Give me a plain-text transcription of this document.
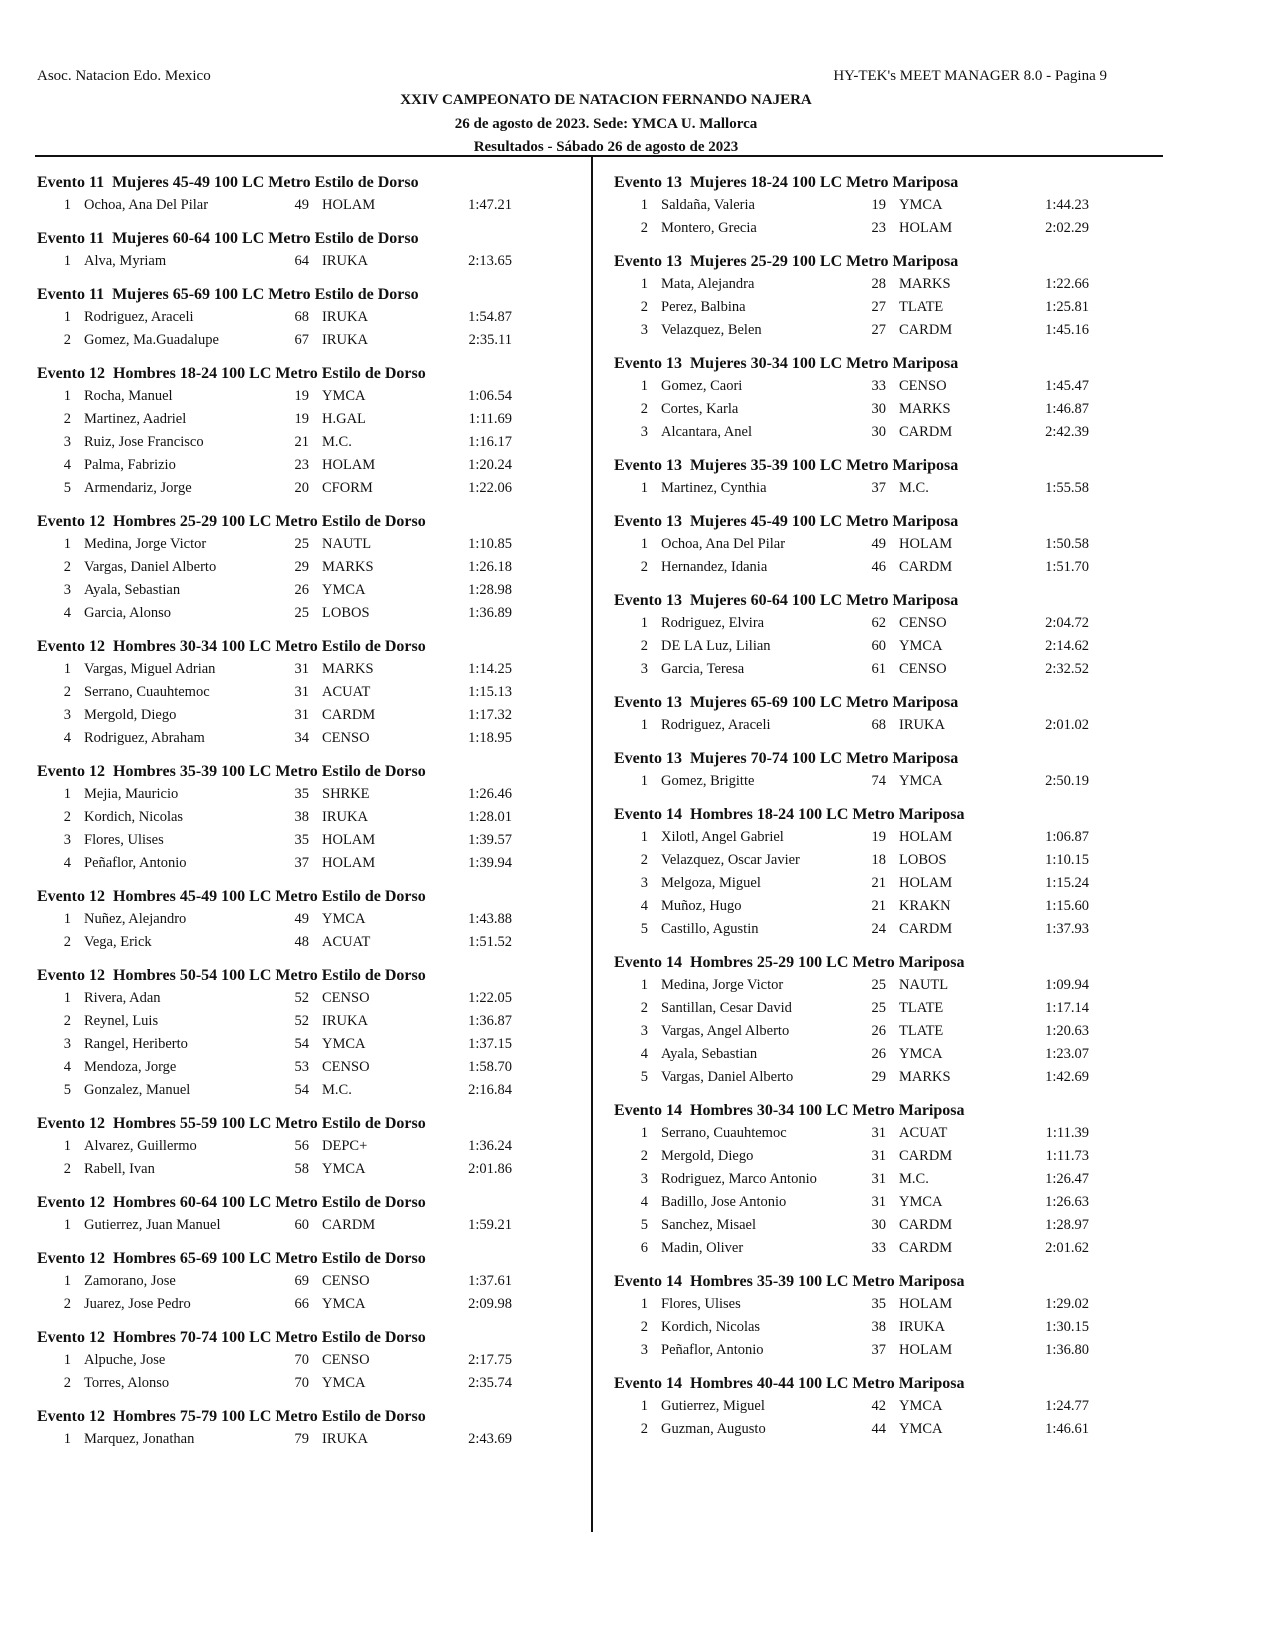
Asoc. Natacion Edo. Mexico	HY-TEK's MEET MANAGER 8.0 - Pagina 9
XXIV CAMPEONATO DE NATACION FERNANDO NAJERA
26 de agosto de 2023. Sede: YMCA U. Mallorca
Resultados - Sábado 26 de agosto de 2023
Evento 11  Mujeres 45-49 100 LC Metro Estilo de Dorso
1 Ochoa, Ana Del Pilar	49 HOLAM	1:47.21
Evento 11  Mujeres 60-64 100 LC Metro Estilo de Dorso
1 Alva, Myriam	64 IRUKA	2:13.65
Evento 11  Mujeres 65-69 100 LC Metro Estilo de Dorso
1 Rodriguez, Araceli	68 IRUKA	1:54.87
2 Gomez, Ma.Guadalupe	67 IRUKA	2:35.11
Evento 12  Hombres 18-24 100 LC Metro Estilo de Dorso
1 Rocha, Manuel	19 YMCA	1:06.54
2 Martinez, Aadriel	19 H.GAL	1:11.69
3 Ruiz, Jose Francisco	21 M.C.	1:16.17
4 Palma, Fabrizio	23 HOLAM	1:20.24
5 Armendariz, Jorge	20 CFORM	1:22.06
Evento 12  Hombres 25-29 100 LC Metro Estilo de Dorso
1 Medina, Jorge Victor	25 NAUTL	1:10.85
2 Vargas, Daniel Alberto	29 MARKS	1:26.18
3 Ayala, Sebastian	26 YMCA	1:28.98
4 Garcia, Alonso	25 LOBOS	1:36.89
Evento 12  Hombres 30-34 100 LC Metro Estilo de Dorso
1 Vargas, Miguel Adrian	31 MARKS	1:14.25
2 Serrano, Cuauhtemoc	31 ACUAT	1:15.13
3 Mergold, Diego	31 CARDM	1:17.32
4 Rodriguez, Abraham	34 CENSO	1:18.95
Evento 12  Hombres 35-39 100 LC Metro Estilo de Dorso
1 Mejia, Mauricio	35 SHRKE	1:26.46
2 Kordich, Nicolas	38 IRUKA	1:28.01
3 Flores, Ulises	35 HOLAM	1:39.57
4 Peñaflor, Antonio	37 HOLAM	1:39.94
Evento 12  Hombres 45-49 100 LC Metro Estilo de Dorso
1 Nuñez, Alejandro	49 YMCA	1:43.88
2 Vega, Erick	48 ACUAT	1:51.52
Evento 12  Hombres 50-54 100 LC Metro Estilo de Dorso
1 Rivera, Adan	52 CENSO	1:22.05
2 Reynel, Luis	52 IRUKA	1:36.87
3 Rangel, Heriberto	54 YMCA	1:37.15
4 Mendoza, Jorge	53 CENSO	1:58.70
5 Gonzalez, Manuel	54 M.C.	2:16.84
Evento 12  Hombres 55-59 100 LC Metro Estilo de Dorso
1 Alvarez, Guillermo	56 DEPC+	1:36.24
2 Rabell, Ivan	58 YMCA	2:01.86
Evento 12  Hombres 60-64 100 LC Metro Estilo de Dorso
1 Gutierrez, Juan Manuel	60 CARDM	1:59.21
Evento 12  Hombres 65-69 100 LC Metro Estilo de Dorso
1 Zamorano, Jose	69 CENSO	1:37.61
2 Juarez, Jose Pedro	66 YMCA	2:09.98
Evento 12  Hombres 70-74 100 LC Metro Estilo de Dorso
1 Alpuche, Jose	70 CENSO	2:17.75
2 Torres, Alonso	70 YMCA	2:35.74
Evento 12  Hombres 75-79 100 LC Metro Estilo de Dorso
1 Marquez, Jonathan	79 IRUKA	2:43.69
Evento 13  Mujeres 18-24 100 LC Metro Mariposa
1 Saldaña, Valeria	19 YMCA	1:44.23
2 Montero, Grecia	23 HOLAM	2:02.29
Evento 13  Mujeres 25-29 100 LC Metro Mariposa
1 Mata, Alejandra	28 MARKS	1:22.66
2 Perez, Balbina	27 TLATE	1:25.81
3 Velazquez, Belen	27 CARDM	1:45.16
Evento 13  Mujeres 30-34 100 LC Metro Mariposa
1 Gomez, Caori	33 CENSO	1:45.47
2 Cortes, Karla	30 MARKS	1:46.87
3 Alcantara, Anel	30 CARDM	2:42.39
Evento 13  Mujeres 35-39 100 LC Metro Mariposa
1 Martinez, Cynthia	37 M.C.	1:55.58
Evento 13  Mujeres 45-49 100 LC Metro Mariposa
1 Ochoa, Ana Del Pilar	49 HOLAM	1:50.58
2 Hernandez, Idania	46 CARDM	1:51.70
Evento 13  Mujeres 60-64 100 LC Metro Mariposa
1 Rodriguez, Elvira	62 CENSO	2:04.72
2 DE LA Luz, Lilian	60 YMCA	2:14.62
3 Garcia, Teresa	61 CENSO	2:32.52
Evento 13  Mujeres 65-69 100 LC Metro Mariposa
1 Rodriguez, Araceli	68 IRUKA	2:01.02
Evento 13  Mujeres 70-74 100 LC Metro Mariposa
1 Gomez, Brigitte	74 YMCA	2:50.19
Evento 14  Hombres 18-24 100 LC Metro Mariposa
1 Xilotl, Angel Gabriel	19 HOLAM	1:06.87
2 Velazquez, Oscar Javier	18 LOBOS	1:10.15
3 Melgoza, Miguel	21 HOLAM	1:15.24
4 Muñoz, Hugo	21 KRAKN	1:15.60
5 Castillo, Agustin	24 CARDM	1:37.93
Evento 14  Hombres 25-29 100 LC Metro Mariposa
1 Medina, Jorge Victor	25 NAUTL	1:09.94
2 Santillan, Cesar David	25 TLATE	1:17.14
3 Vargas, Angel Alberto	26 TLATE	1:20.63
4 Ayala, Sebastian	26 YMCA	1:23.07
5 Vargas, Daniel Alberto	29 MARKS	1:42.69
Evento 14  Hombres 30-34 100 LC Metro Mariposa
1 Serrano, Cuauhtemoc	31 ACUAT	1:11.39
2 Mergold, Diego	31 CARDM	1:11.73
3 Rodriguez, Marco Antonio	31 M.C.	1:26.47
4 Badillo, Jose Antonio	31 YMCA	1:26.63
5 Sanchez, Misael	30 CARDM	1:28.97
6 Madin, Oliver	33 CARDM	2:01.62
Evento 14  Hombres 35-39 100 LC Metro Mariposa
1 Flores, Ulises	35 HOLAM	1:29.02
2 Kordich, Nicolas	38 IRUKA	1:30.15
3 Peñaflor, Antonio	37 HOLAM	1:36.80
Evento 14  Hombres 40-44 100 LC Metro Mariposa
1 Gutierrez, Miguel	42 YMCA	1:24.77
2 Guzman, Augusto	44 YMCA	1:46.61
